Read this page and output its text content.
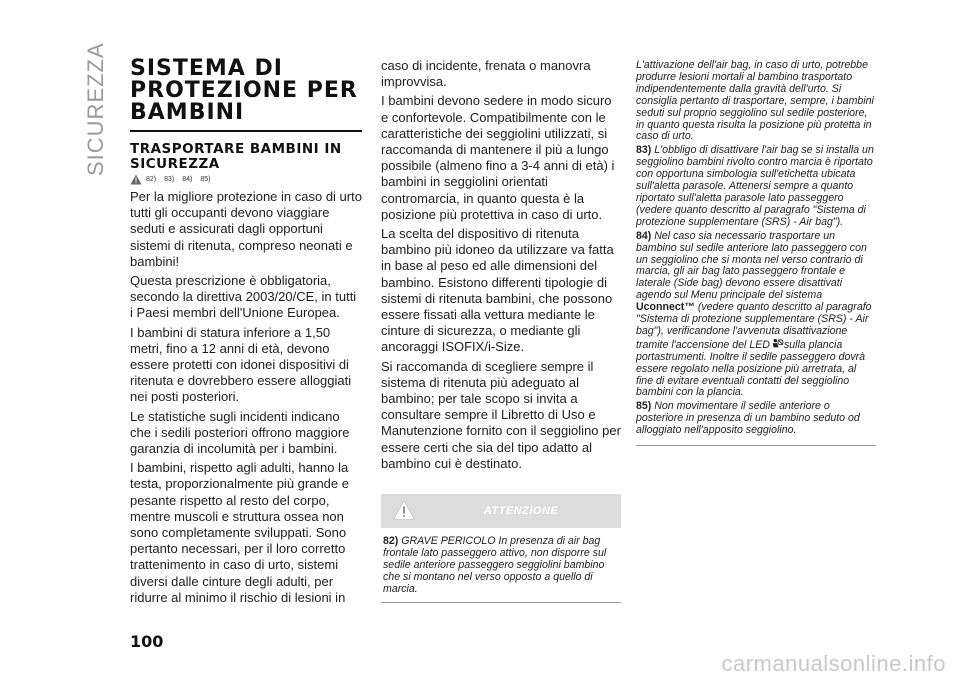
SICUREZZA SISTEMA DI PROTEZIONE PER BAMBINI
TRASPORTARE BAMBINI IN SICUREZZA
82) 83) 84) 85)

Per la migliore protezione in caso di urto tutti gli occupanti devono viaggiare seduti e assicurati dagli opportuni sistemi di ritenuta, compreso neonati e bambini!

Questa prescrizione è obbligatoria, secondo la direttiva 2003/20/CE, in tutti i Paesi membri dell'Unione Europea.

I bambini di statura inferiore a 1,50 metri, fino a 12 anni di età, devono essere protetti con idonei dispositivi di ritenuta e dovrebbero essere alloggiati nei posti posteriori.

Le statistiche sugli incidenti indicano che i sedili posteriori offrono maggiore garanzia di incolumità per i bambini.

I bambini, rispetto agli adulti, hanno la testa, proporzionalmente più grande e pesante rispetto al resto del corpo, mentre muscoli e struttura ossea non sono completamente sviluppati. Sono pertanto necessari, per il loro corretto trattenimento in caso di urto, sistemi diversi dalle cinture degli adulti, per ridurre al minimo il rischio di lesioni in

caso di incidente, frenata o manovra improvvisa.

I bambini devono sedere in modo sicuro e confortevole. Compatibilmente con le caratteristiche dei seggiolini utilizzati, si raccomanda di mantenere il più a lungo possibile (almeno fino a 3-4 anni di età) i bambini in seggiolini orientati contromarcia, in quanto questa è la posizione più protettiva in caso di urto.

La scelta del dispositivo di ritenuta bambino più idoneo da utilizzare va fatta in base al peso ed alle dimensioni del bambino. Esistono differenti tipologie di sistemi di ritenuta bambini, che possono essere fissati alla vettura mediante le cinture di sicurezza, o mediante gli ancoraggi ISOFIX/i-Size.

Si raccomanda di scegliere sempre il sistema di ritenuta più adeguato al bambino; per tale scopo si invita a consultare sempre il Libretto di Uso e Manutenzione fornito con il seggiolino per essere certi che sia del tipo adatto al bambino cui è destinato.

ATTENZIONE

82) GRAVE PERICOLO In presenza di air bag frontale lato passeggero attivo, non disporre sul sedile anteriore passeggero seggiolini bambino che si montano nel verso opposto a quello di marcia.

L'attivazione dell'air bag, in caso di urto, potrebbe produrre lesioni mortali al bambino trasportato indipendentemente dalla gravità dell'urto. Si consiglia pertanto di trasportare, sempre, i bambini seduti sul proprio seggiolino sul sedile posteriore, in quanto questa risulta la posizione più protetta in caso di urto.

83) L'obbligo di disattivare l'air bag se si installa un seggiolino bambini rivolto contro marcia è riportato con opportuna simbologia sull'etichetta ubicata sull'aletta parasole. Attenersi sempre a quanto riportato sull'aletta parasole lato passeggero (vedere quanto descritto al paragrafo "Sistema di protezione supplementare (SRS) - Air bag").

84) Nel caso sia necessario trasportare un bambino sul sedile anteriore lato passeggero con un seggiolino che si monta nel verso contrario di marcia, gli air bag lato passeggero frontale e laterale (Side bag) devono essere disattivati agendo sul Menu principale del sistema Uconnect™ (vedere quanto descritto al paragrafo "Sistema di protezione supplementare (SRS) - Air bag"), verificandone l'avvenuta disattivazione tramite l'accensione del LED sulla plancia portastrumenti. Inoltre il sedile passeggero dovrà essere regolato nella posizione più arretrata, al fine di evitare eventuali contatti del seggiolino bambini con la plancia.

85) Non movimentare il sedile anteriore o posteriore in presenza di un bambino seduto od alloggiato nell'apposito seggiolino.

100
carmanualsonline.info
